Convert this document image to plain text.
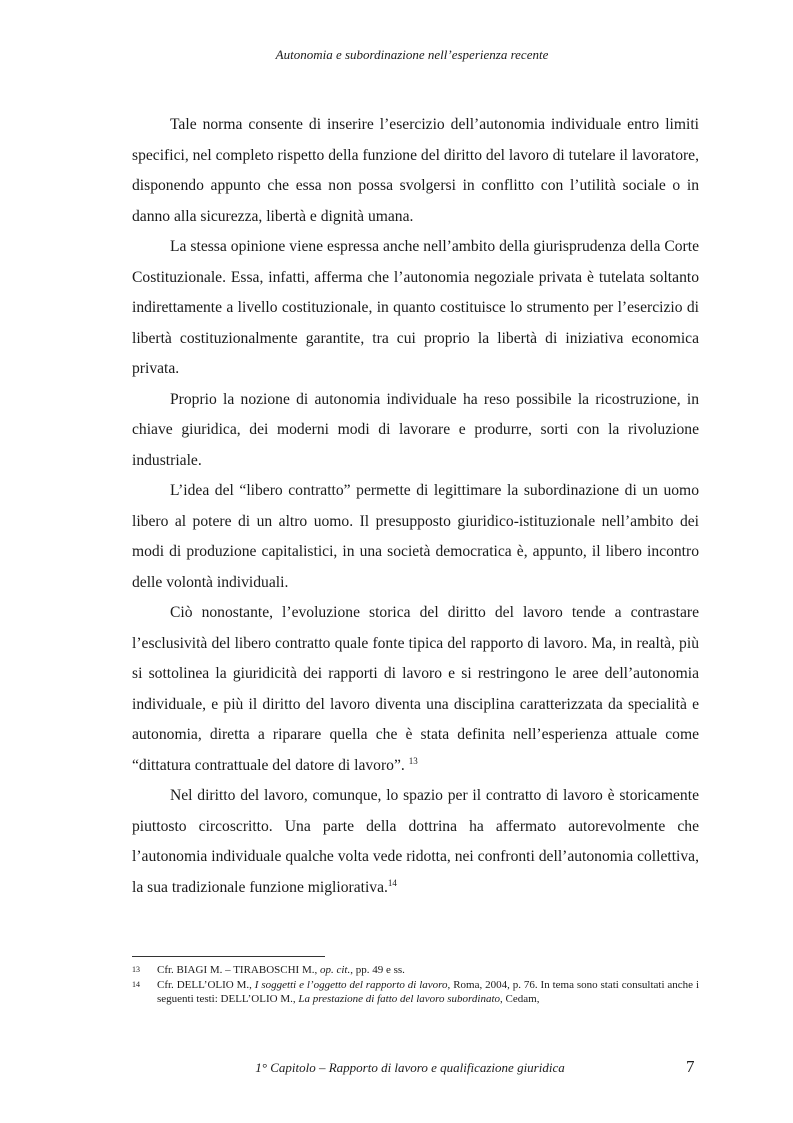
Autonomia e subordinazione nell’esperienza recente

Tale norma consente di inserire l’esercizio dell’autonomia individuale entro limiti specifici, nel completo rispetto della funzione del diritto del lavoro di tutelare il lavoratore, disponendo appunto che essa non possa svolgersi in conflitto con l’utilità sociale o in danno alla sicurezza, libertà e dignità umana.

La stessa opinione viene espressa anche nell’ambito della giurisprudenza della Corte Costituzionale. Essa, infatti, afferma che l’autonomia negoziale privata è tutelata soltanto indirettamente a livello costituzionale, in quanto costituisce lo strumento per l’esercizio di libertà costituzionalmente garantite, tra cui proprio la libertà di iniziativa economica privata.

Proprio la nozione di autonomia individuale ha reso possibile la ricostruzione, in chiave giuridica, dei moderni modi di lavorare e produrre, sorti con la rivoluzione industriale.

L’idea del “libero contratto” permette di legittimare la subordinazione di un uomo libero al potere di un altro uomo. Il presupposto giuridico-istituzionale nell’ambito dei modi di produzione capitalistici, in una società democratica è, appunto, il libero incontro delle volontà individuali.

Ciò nonostante, l’evoluzione storica del diritto del lavoro tende a contrastare l’esclusività del libero contratto quale fonte tipica del rapporto di lavoro. Ma, in realtà, più si sottolinea la giuridicità dei rapporti di lavoro e si restringono le aree dell’autonomia individuale, e più il diritto del lavoro diventa una disciplina caratterizzata da specialità e autonomia, diretta a riparare quella che è stata definita nell’esperienza attuale come “dittatura contrattuale del datore di lavoro”. $^{13}$

Nel diritto del lavoro, comunque, lo spazio per il contratto di lavoro è storicamente piuttosto circoscritto. Una parte della dottrina ha affermato autorevolmente che l’autonomia individuale qualche volta vede ridotta, nei confronti dell’autonomia collettiva, la sua tradizionale funzione migliorativa.$^{14}$

13 Cfr. BIAGI M. – TIRABOSCHI M., op. cit., pp. 49 e ss.

14 Cfr. DELL’OLIO M., I soggetti e l’oggetto del rapporto di lavoro, Roma, 2004, p. 76. In tema sono stati consultati anche i seguenti testi: DELL’OLIO M., La prestazione di fatto del lavoro subordinato, Cedam,

1° Capitolo – Rapporto di lavoro e qualificazione giuridica	7
